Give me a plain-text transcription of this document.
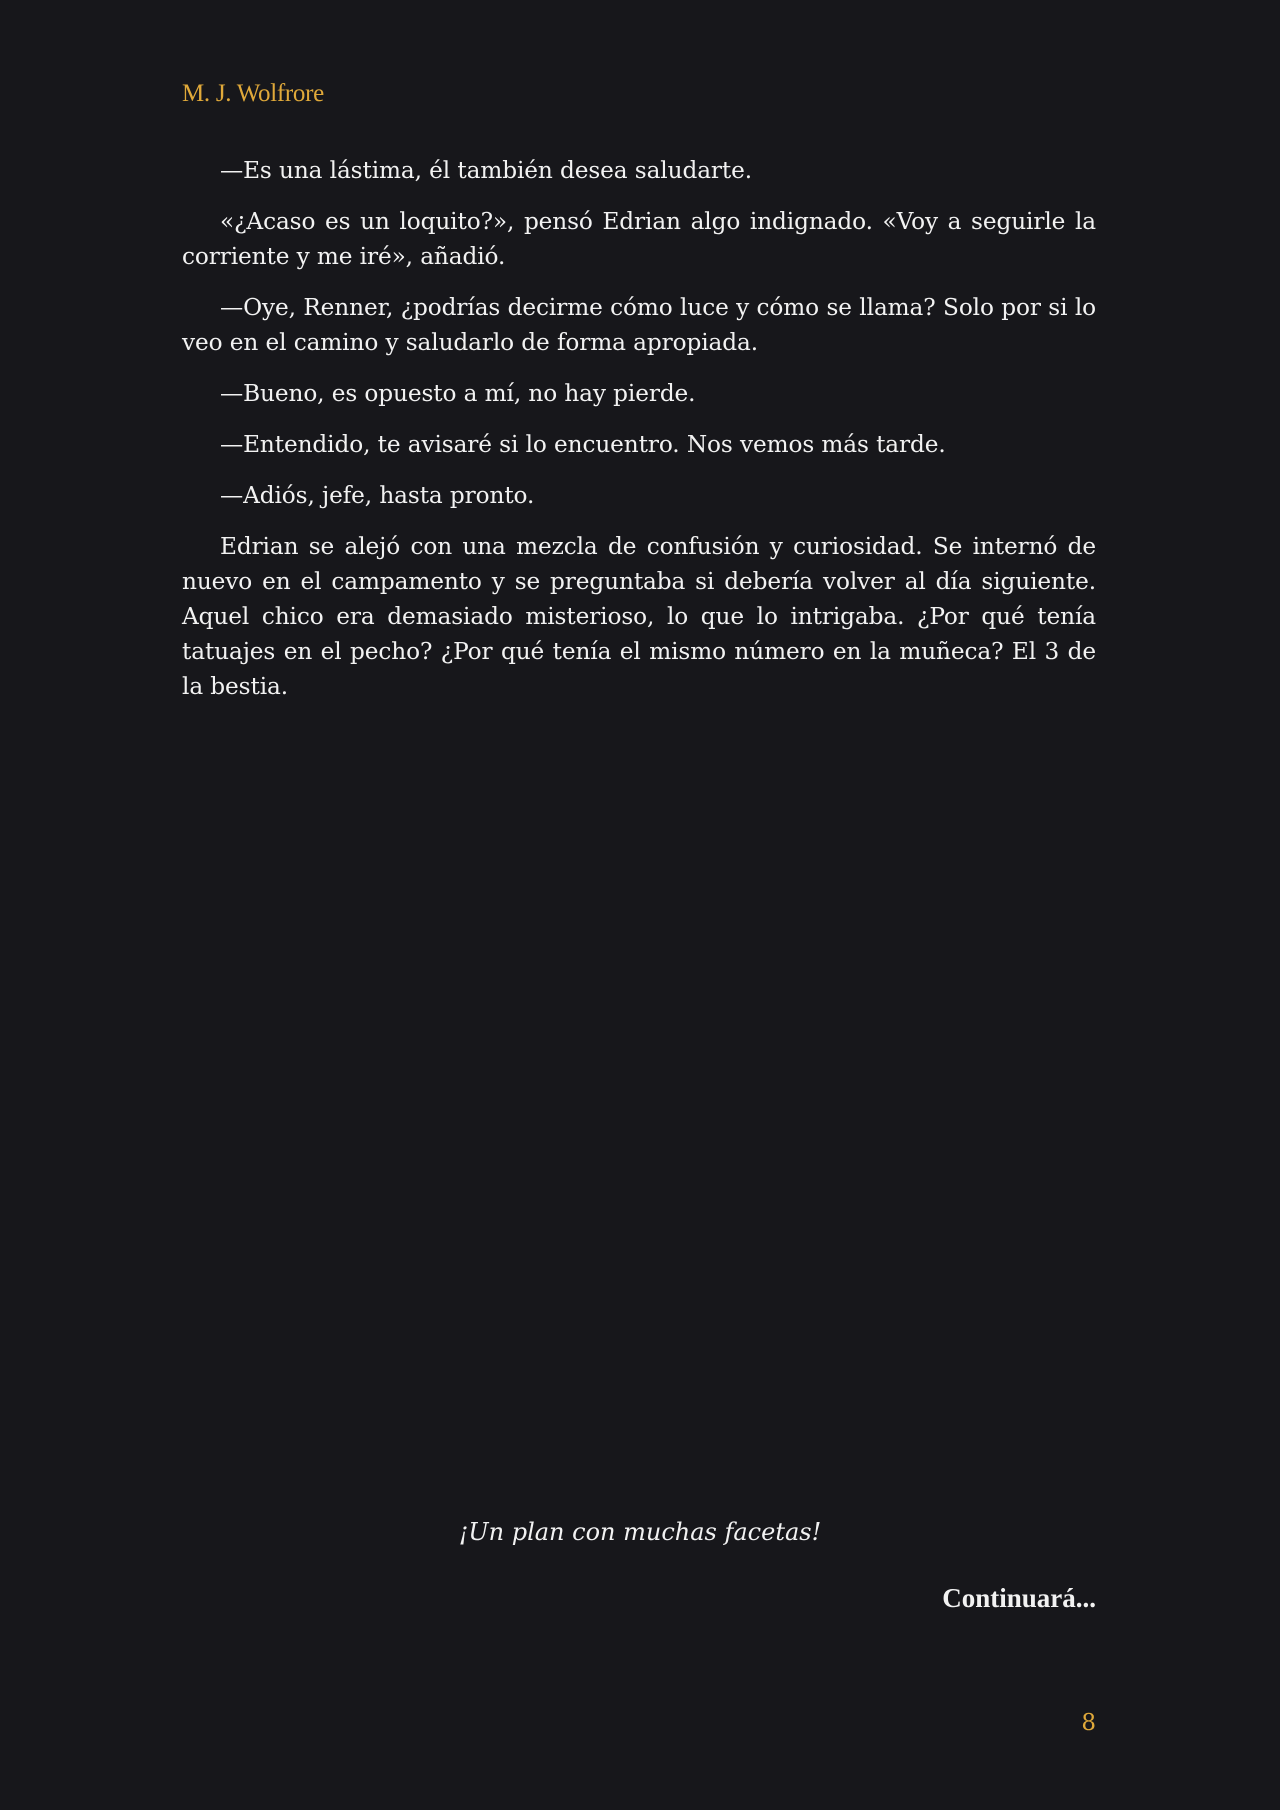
M. J. Wolfrore

—Es una lástima, él también desea saludarte.

«¿Acaso es un loquito?», pensó Edrian algo indignado. «Voy a seguirle la corriente y me iré», añadió.

—Oye, Renner, ¿podrías decirme cómo luce y cómo se llama? Solo por si lo veo en el camino y saludarlo de forma apropiada.

—Bueno, es opuesto a mí, no hay pierde.

—Entendido, te avisaré si lo encuentro. Nos vemos más tarde.

—Adiós, jefe, hasta pronto.

Edrian se alejó con una mezcla de confusión y curiosidad. Se internó de nuevo en el campamento y se preguntaba si debería volver al día siguiente. Aquel chico era demasiado misterioso, lo que lo intrigaba. ¿Por qué tenía tatuajes en el pecho? ¿Por qué tenía el mismo número en la muñeca? El 3 de la bestia.

¡Un plan con muchas facetas!
Continuará...
8
